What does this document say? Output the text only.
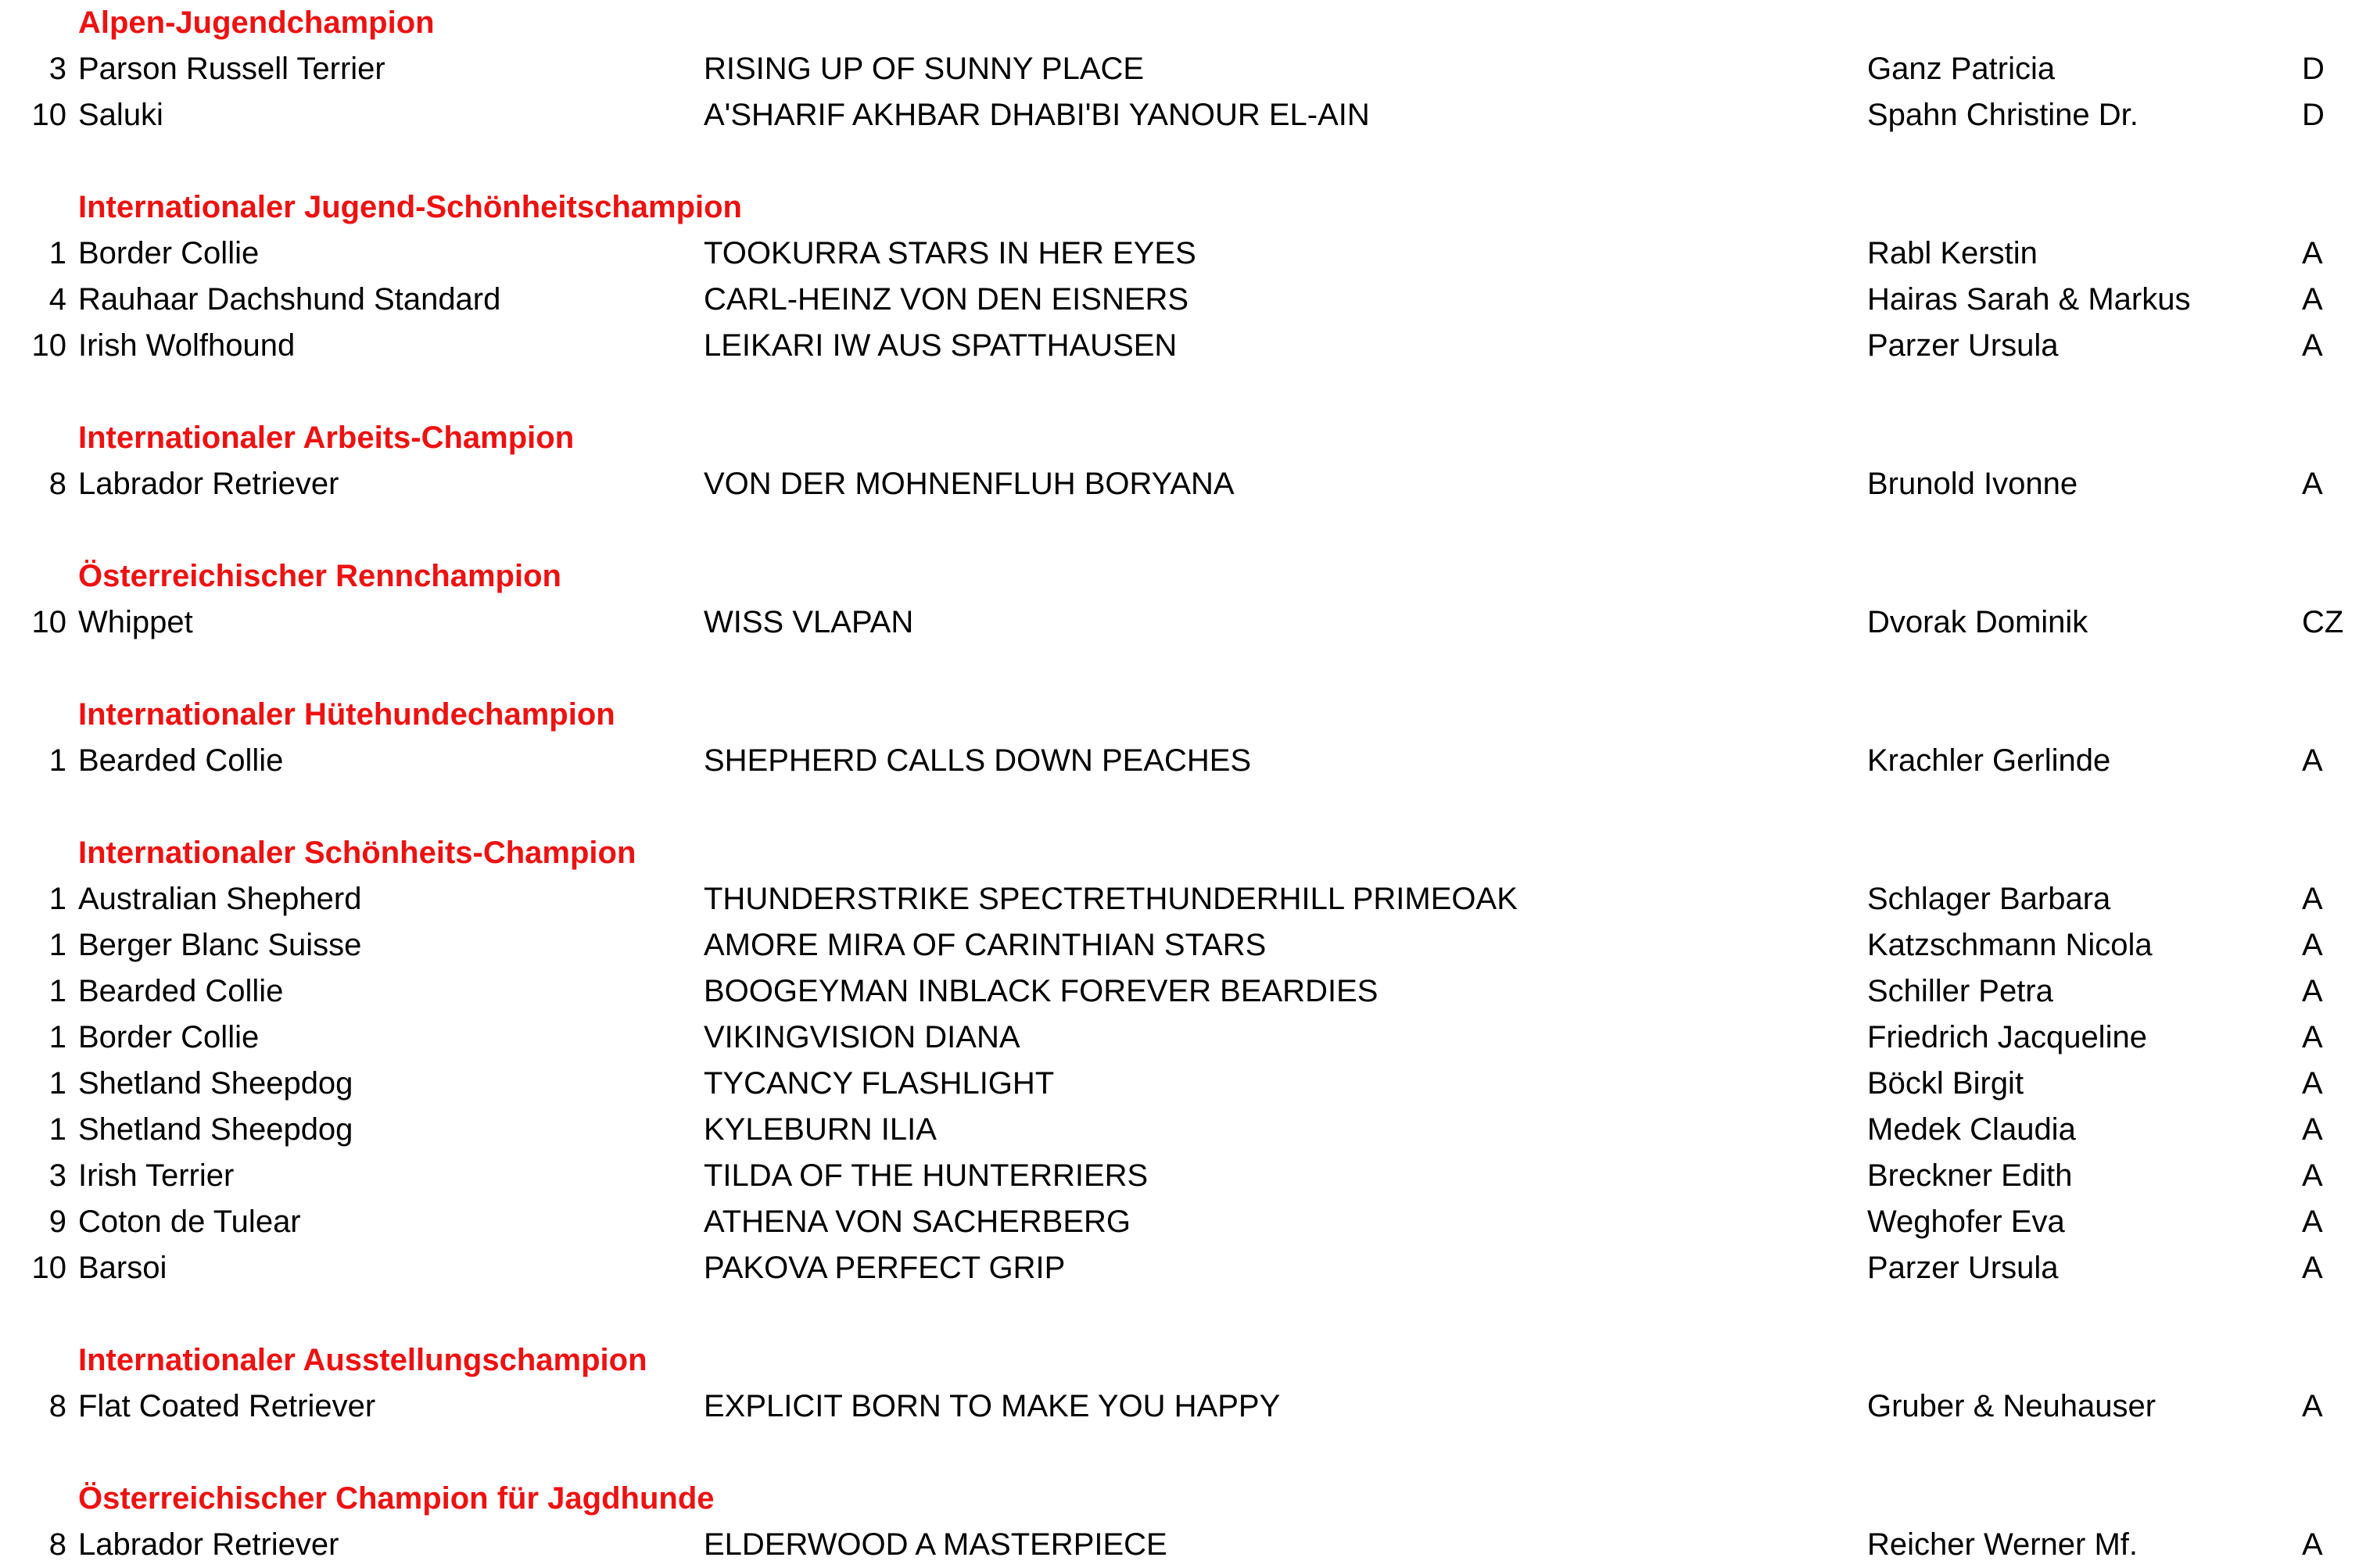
Alpen-Jugendchampion
3 Parson Russell Terrier	RISING UP OF SUNNY PLACE	Ganz Patricia	D
10 Saluki	A'SHARIF AKHBAR DHABI'BI YANOUR EL-AIN	Spahn Christine Dr.	D
Internationaler Jugend-Schönheitschampion
1 Border Collie	TOOKURRA STARS IN HER EYES	Rabl Kerstin	A
4 Rauhaar Dachshund Standard	CARL-HEINZ VON DEN EISNERS	Hairas Sarah & Markus	A
10 Irish Wolfhound	LEIKARI IW AUS SPATTHAUSEN	Parzer Ursula	A
Internationaler Arbeits-Champion
8 Labrador Retriever	VON DER MOHNENFLUH BORYANA	Brunold Ivonne	A
Österreichischer Rennchampion
10 Whippet	WISS VLAPAN	Dvorak Dominik	CZ
Internationaler Hütehundechampion
1 Bearded Collie	SHEPHERD CALLS DOWN PEACHES	Krachler Gerlinde	A
Internationaler Schönheits-Champion
1 Australian Shepherd	THUNDERSTRIKE SPECTRETHUNDERHILL PRIMEOAK	Schlager Barbara	A
1 Berger Blanc Suisse	AMORE MIRA OF CARINTHIAN STARS	Katzschmann Nicola	A
1 Bearded Collie	BOOGEYMAN INBLACK FOREVER BEARDIES	Schiller Petra	A
1 Border Collie	VIKINGVISION DIANA	Friedrich Jacqueline	A
1 Shetland Sheepdog	TYCANCY FLASHLIGHT	Böckl Birgit	A
1 Shetland Sheepdog	KYLEBURN ILIA	Medek Claudia	A
3 Irish Terrier	TILDA OF THE HUNTERRIERS	Breckner Edith	A
9 Coton de Tulear	ATHENA VON SACHERBERG	Weghofer Eva	A
10 Barsoi	PAKOVA PERFECT GRIP	Parzer Ursula	A
Internationaler Ausstellungschampion
8 Flat Coated Retriever	EXPLICIT BORN TO MAKE YOU HAPPY	Gruber & Neuhauser	A
Österreichischer Champion für Jagdhunde
8 Labrador Retriever	ELDERWOOD A MASTERPIECE	Reicher Werner Mf.	A
